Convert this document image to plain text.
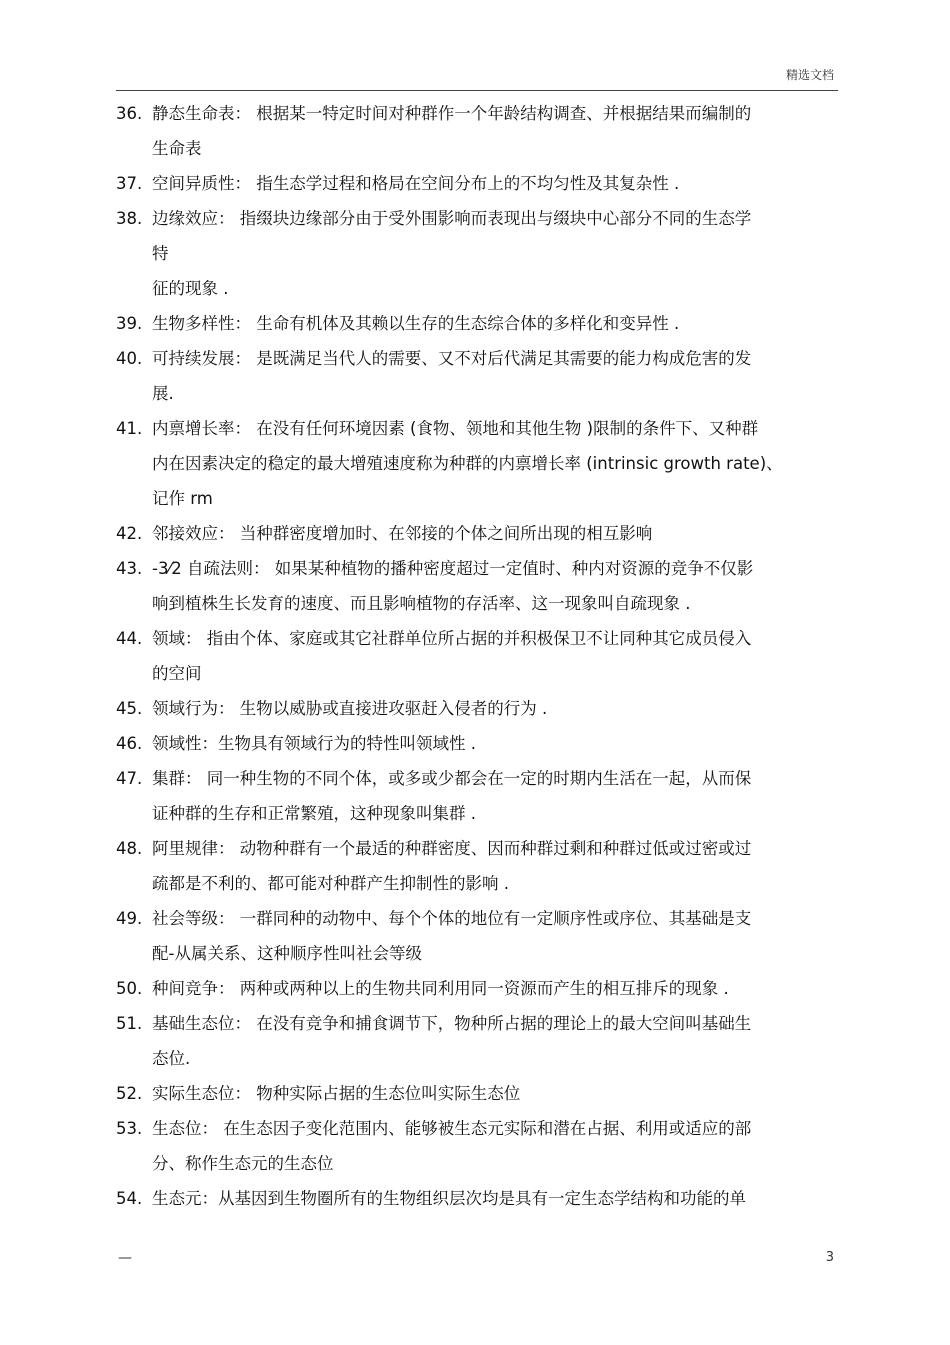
精选文档
36. 静态生命表： 根据某一特定时间对种群作一个年龄结构调查、并根据结果而编制的
生命表
37. 空间异质性： 指生态学过程和格局在空间分布上的不均匀性及其复杂性 .
38. 边缘效应： 指缀块边缘部分由于受外围影响而表现出与缀块中心部分不同的生态学
特
征的现象 .
39. 生物多样性： 生命有机体及其赖以生存的生态综合体的多样化和变异性 .
40. 可持续发展： 是既满足当代人的需要、又不对后代满足其需要的能力构成危害的发
展.
41. 内禀增长率： 在没有任何环境因素 (食物、领地和其他生物 )限制的条件下、又种群
内在因素决定的稳定的最大增殖速度称为种群的内禀增长率 (intrinsic growth rate)、
记作 rm
42. 邻接效应： 当种群密度增加时、在邻接的个体之间所出现的相互影响
43. -3⁄2 自疏法则： 如果某种植物的播种密度超过一定值时、种内对资源的竞争不仅影
响到植株生长发育的速度、而且影响植物的存活率、这一现象叫自疏现象 .
44. 领域： 指由个体、家庭或其它社群单位所占据的并积极保卫不让同种其它成员侵入
的空间
45. 领域行为： 生物以威胁或直接进攻驱赶入侵者的行为 .
46. 领域性：生物具有领域行为的特性叫领域性 .
47. 集群： 同一种生物的不同个体，或多或少都会在一定的时期内生活在一起，从而保
证种群的生存和正常繁殖，这种现象叫集群 .
48. 阿里规律： 动物种群有一个最适的种群密度、因而种群过剩和种群过低或过密或过
疏都是不利的、都可能对种群产生抑制性的影响 .
49. 社会等级： 一群同种的动物中、每个个体的地位有一定顺序性或序位、其基础是支
配-从属关系、这种顺序性叫社会等级
50. 种间竞争： 两种或两种以上的生物共同利用同一资源而产生的相互排斥的现象 .
51. 基础生态位： 在没有竞争和捕食调节下，物种所占据的理论上的最大空间叫基础生
态位.
52. 实际生态位： 物种实际占据的生态位叫实际生态位
53. 生态位： 在生态因子变化范围内、能够被生态元实际和潜在占据、利用或适应的部
分、称作生态元的生态位
54. 生态元：从基因到生物圈所有的生物组织层次均是具有一定生态学结构和功能的单
—	3
